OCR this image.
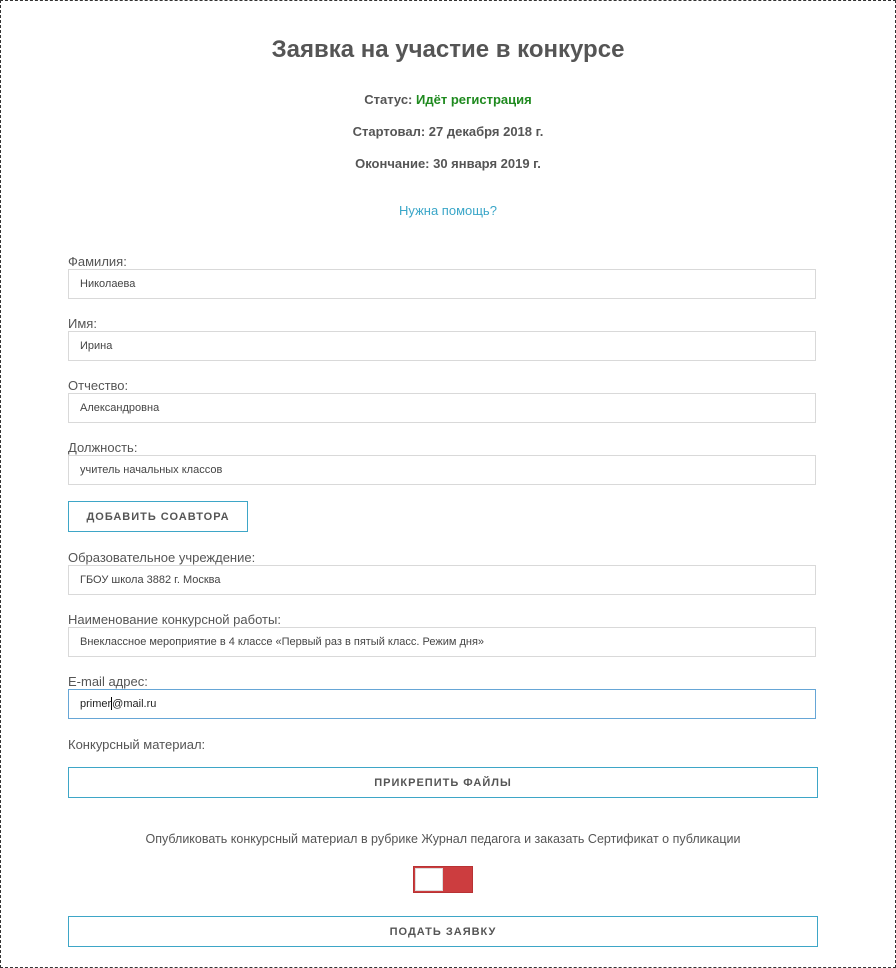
Заявка на участие в конкурсе
Статус: Идёт регистрация
Стартовал: 27 декабря 2018 г.
Окончание: 30 января 2019 г.
Нужна помощь?
Фамилия:
Николаева
Имя:
Ирина
Отчество:
Александровна
Должность:
учитель начальных классов
ДОБАВИТЬ СОАВТОРА
Образовательное учреждение:
ГБОУ школа 3882 г. Москва
Наименование конкурсной работы:
Внеклассное мероприятие в 4 классе «Первый раз в пятый класс. Режим дня»
E-mail адрес:
primer@mail.ru
Конкурсный материал:
ПРИКРЕПИТЬ ФАЙЛЫ
Опубликовать конкурсный материал в рубрике Журнал педагога и заказать Сертификат о публикации
ПОДАТЬ ЗАЯВКУ
